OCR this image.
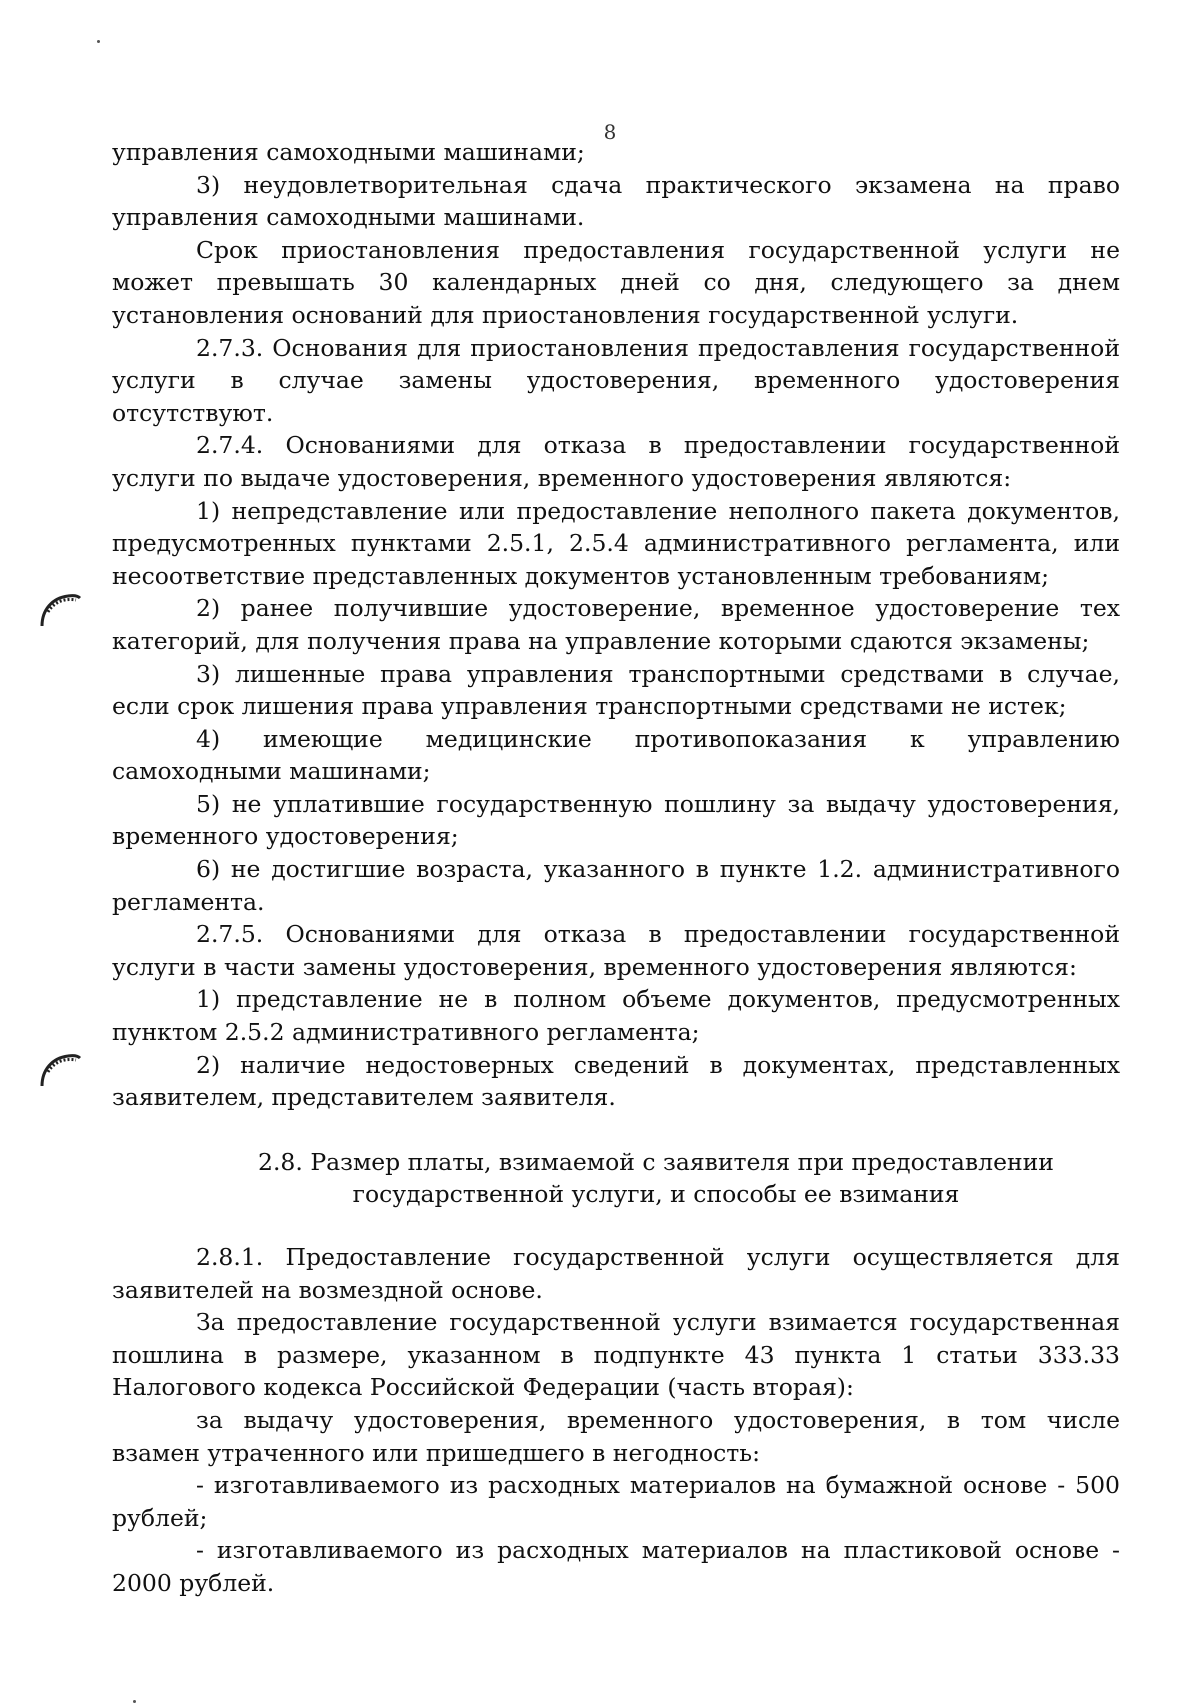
8

управления самоходными машинами;

3) неудовлетворительная сдача практического экзамена на право управления самоходными машинами.

Срок приостановления предоставления государственной услуги не может превышать 30 календарных дней со дня, следующего за днем установления оснований для приостановления государственной услуги.

2.7.3. Основания для приостановления предоставления государственной услуги в случае замены удостоверения, временного удостоверения отсутствуют.

2.7.4. Основаниями для отказа в предоставлении государственной услуги по выдаче удостоверения, временного удостоверения являются:

1) непредставление или предоставление неполного пакета документов, предусмотренных пунктами 2.5.1, 2.5.4 административного регламента, или несоответствие представленных документов установленным требованиям;

2) ранее получившие удостоверение, временное удостоверение тех категорий, для получения права на управление которыми сдаются экзамены;

3) лишенные права управления транспортными средствами в случае, если срок лишения права управления транспортными средствами не истек;

4) имеющие медицинские противопоказания к управлению самоходными машинами;

5) не уплатившие государственную пошлину за выдачу удостоверения, временного удостоверения;

6) не достигшие возраста, указанного в пункте 1.2. административного регламента.

2.7.5. Основаниями для отказа в предоставлении государственной услуги в части замены удостоверения, временного удостоверения являются:

1) представление не в полном объеме документов, предусмотренных пунктом 2.5.2 административного регламента;

2) наличие недостоверных сведений в документах, представленных заявителем, представителем заявителя.

2.8. Размер платы, взимаемой с заявителя при предоставлении
государственной услуги, и способы ее взимания

2.8.1. Предоставление государственной услуги осуществляется для заявителей на возмездной основе.

За предоставление государственной услуги взимается государственная пошлина в размере, указанном в подпункте 43 пункта 1 статьи 333.33 Налогового кодекса Российской Федерации (часть вторая):

за выдачу удостоверения, временного удостоверения, в том числе взамен утраченного или пришедшего в негодность:

- изготавливаемого из расходных материалов на бумажной основе - 500 рублей;

- изготавливаемого из расходных материалов на пластиковой основе - 2000 рублей.
